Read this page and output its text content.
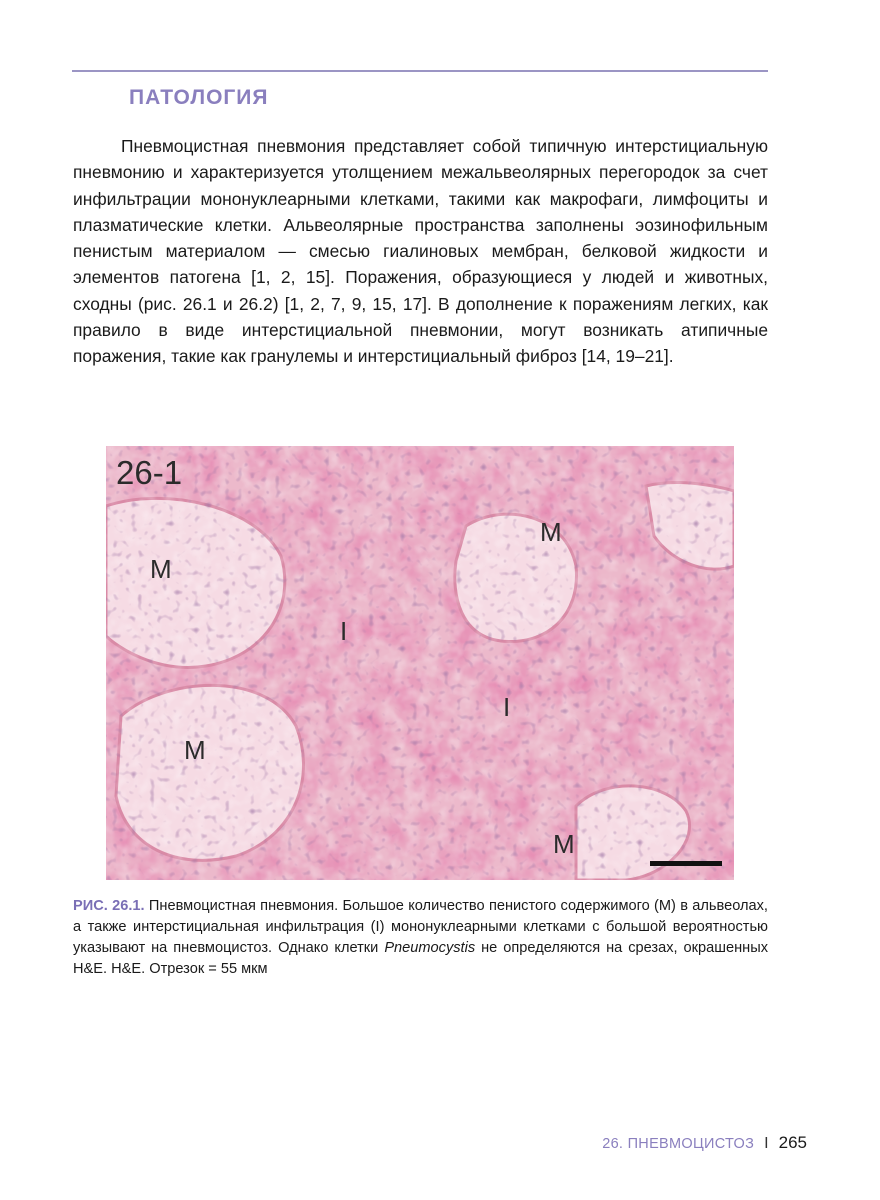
ПАТОЛОГИЯ

Пневмоцистная пневмония представляет собой типичную интерстициальную пневмонию и характеризуется утолщением межальвеолярных перегородок за счет инфильтрации мононуклеарными клетками, такими как макрофаги, лимфоциты и плазматические клетки. Альвеолярные пространства заполнены эозинофильным пенистым материалом — смесью гиалиновых мембран, белковой жидкости и элементов патогена [1, 2, 15]. Поражения, образующиеся у людей и животных, сходны (рис. 26.1 и 26.2) [1, 2, 7, 9, 15, 17]. В дополнение к поражениям легких, как правило в виде интерстициальной пневмонии, могут возникать атипичные поражения, такие как гранулемы и интерстициальный фиброз [14, 19–21].

26-1
M
M
M
M
I
I

РИС. 26.1. Пневмоцистная пневмония. Большое количество пенистого содержимого (M) в альвеолах, а также интерстициальная инфильтрация (I) мононуклеарными клетками с большой вероятностью указывают на пневмоцистоз. Однако клетки Pneumocystis не определяются на срезах, окрашенных H&E. H&E. Отрезок = 55 мкм

26. ПНЕВМОЦИСТОЗ I 265
